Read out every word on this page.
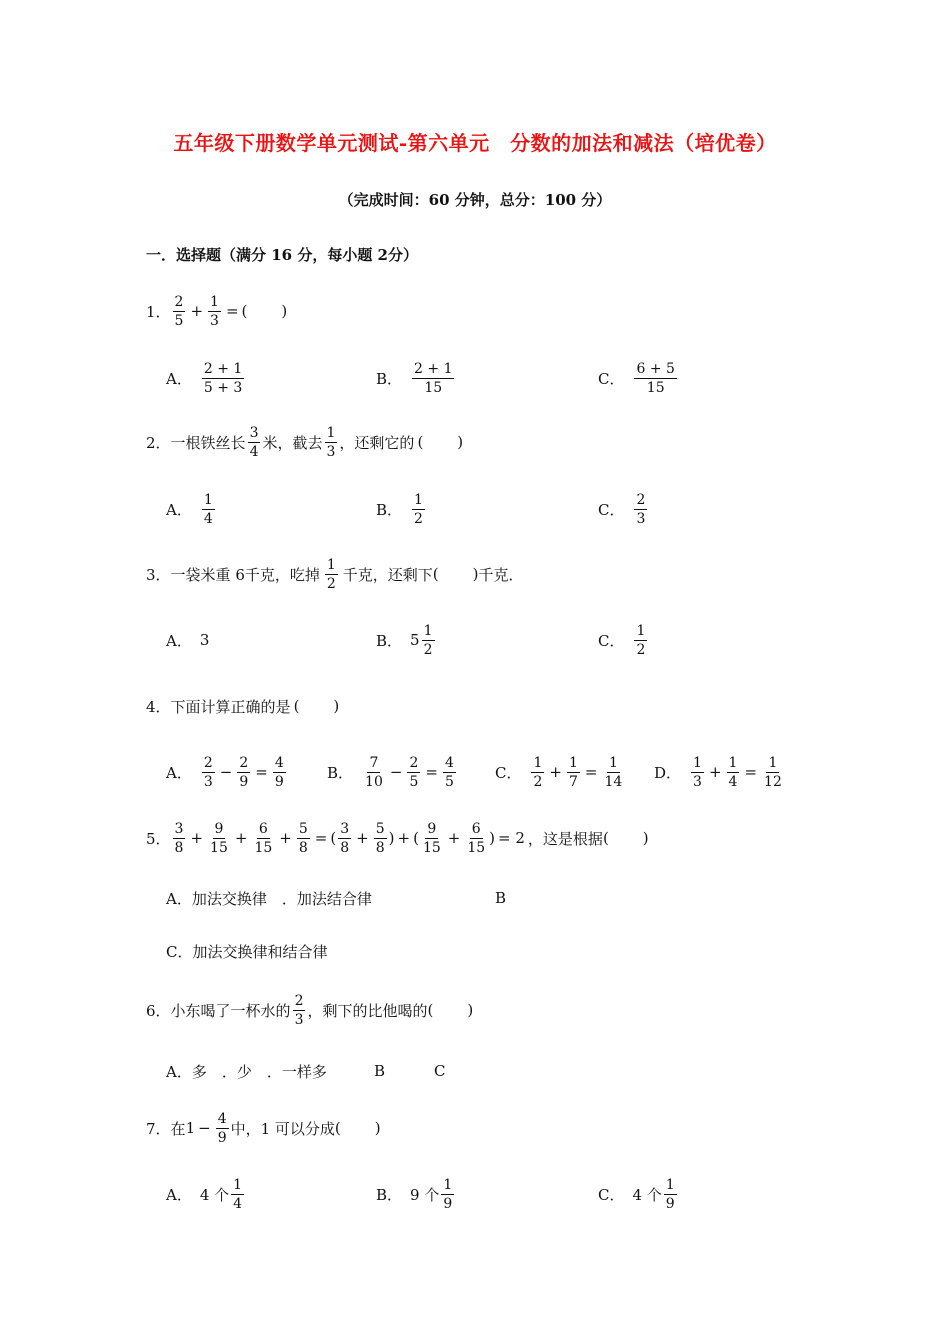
五年级下册数学单元测试-第六单元　分数的加法和减法（培优卷）
（完成时间：60 分钟，总分：100 分）
一．选择题（满分 16 分，每小题 2分）
1． $\frac{2}{5} + \frac{1}{3}$ = ( )
A． $\frac{2 + 1}{5 + 3}$	B． $\frac{2 + 1}{15}$	C． $\frac{6 + 5}{15}$
2． 一根铁丝长 $\frac{3}{4}$ 米，截去 $\frac{1}{3}$ ，还剩它的 ( )
A． $\frac{1}{4}$	B． $\frac{1}{2}$	C． $\frac{2}{3}$
3． 一袋米重 6千克，吃掉 $\frac{1}{2}$ 千克，还剩下 ( ) 千克．
A． 3	B． $5 \frac{1}{2}$	C． $\frac{1}{2}$
4． 下面计算正确的是 ( )
A． $\frac{2}{3} - \frac{2}{9} = \frac{4}{9}$	B． $\frac{7}{10} - \frac{2}{5} = \frac{4}{5}$	C． $\frac{1}{2} + \frac{1}{7} = \frac{1}{14}$ D． $\frac{1}{3} + \frac{1}{4} = \frac{1}{12}$
5． $\frac{3}{8} + \frac{9}{15} + \frac{6}{15} + \frac{5}{8}$ = ( $\frac{3}{8} + \frac{5}{8}$ ) + ( $\frac{9}{15} + \frac{6}{15}$ ) = 2 ，这是根据 ( )
A．加法交换律　．加法结合律	B
C．加法交换律和结合律
6． 小东喝了一杯水的 $\frac{2}{3}$ ，剩下的比他喝的 ( )
A．多　．少　．一样多	B	C
7． 在 $1 - \frac{4}{9}$ 中，1 可以分成 ( )
A． 4 个 $\frac{1}{4}$	B． 9 个 $\frac{1}{9}$	C． 4 个 $\frac{1}{9}$
